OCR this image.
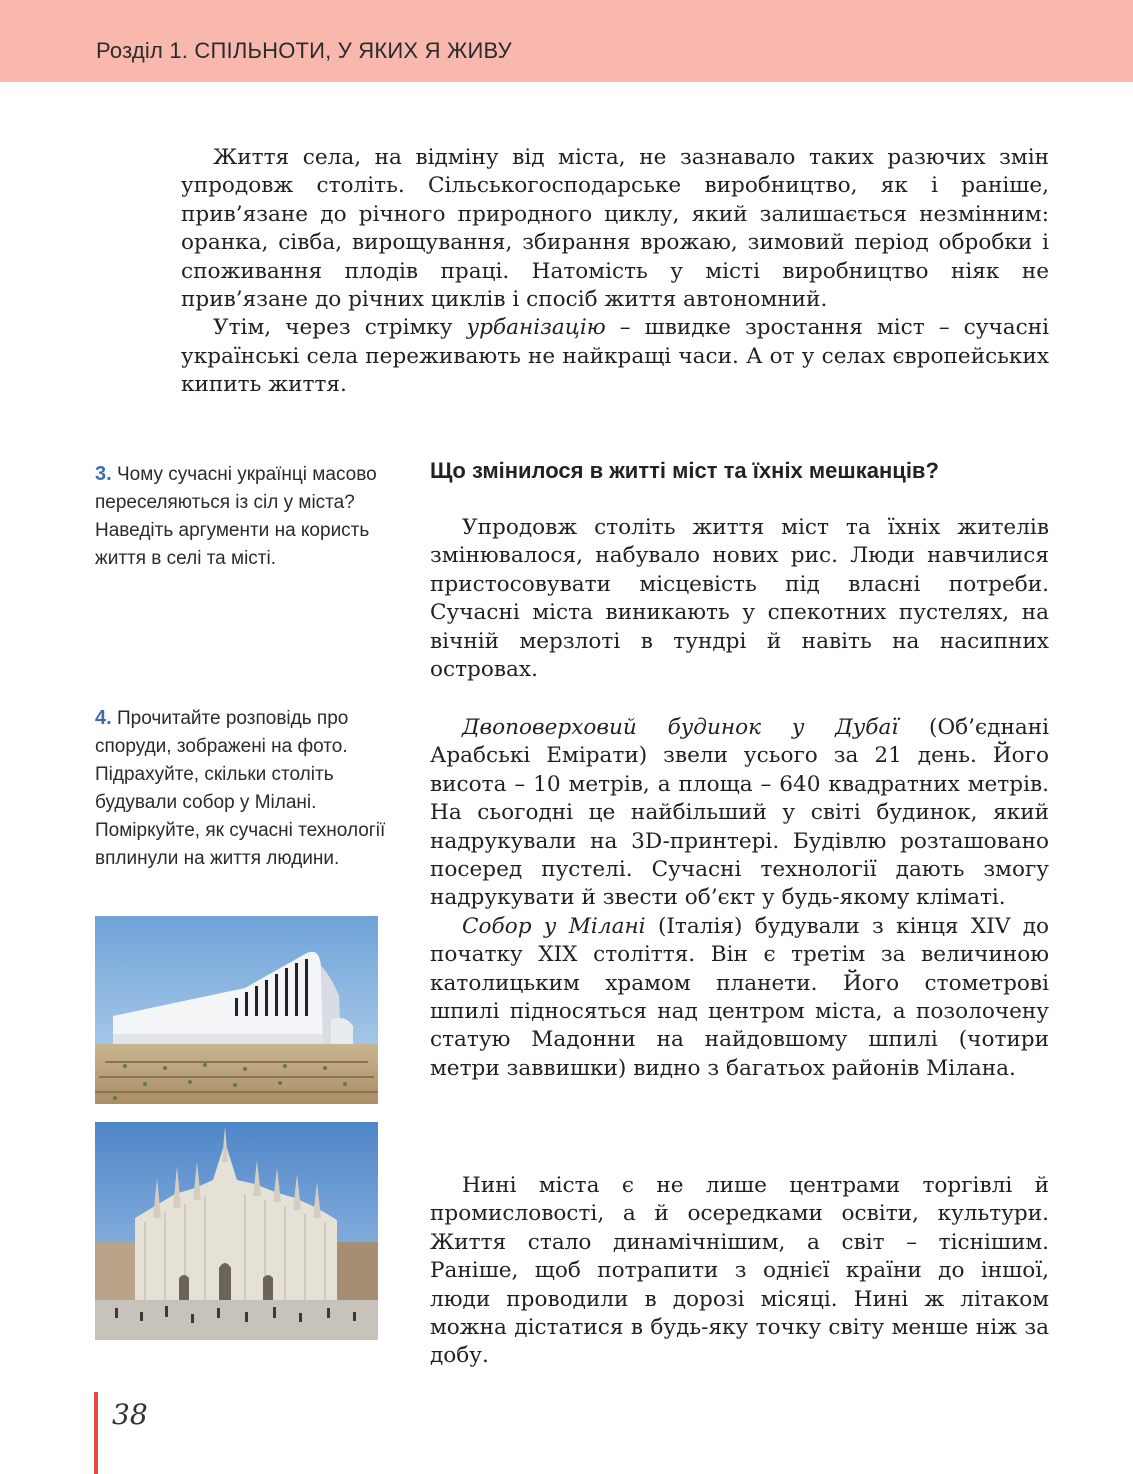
Розділ 1. СПІЛЬНОТИ, У ЯКИХ Я ЖИВУ

Життя села, на відміну від міста, не зазнавало таких разючих змін упродовж століть. Сільськогосподарське виробництво, як і раніше, прив’язане до річного природного циклу, який залишається незмінним: оранка, сівба, вирощування, збирання врожаю, зимовий період обробки і споживання плодів праці. Натомість у місті виробництво ніяк не прив’язане до річних циклів і спосіб життя автономний.

Утім, через стрімку урбанізацію – швидке зростання міст – сучасні українські села переживають не найкращі часи. А от у селах європейських кипить життя.

3. Чому сучасні українці масово переселяються із сіл у міста? Наведіть аргументи на користь життя в селі та місті.

4. Прочитайте розповідь про споруди, зображені на фото. Підрахуйте, скільки століть будували собор у Мілані. Поміркуйте, як сучасні технології вплинули на життя людини.

Що змінилося в житті міст та їхніх мешканців?

Упродовж століть життя міст та їхніх жителів змінювалося, набувало нових рис. Люди навчилися пристосовувати місцевість під власні потреби. Сучасні міста виникають у спекотних пустелях, на вічній мерзлоті в тундрі й навіть на насипних островах.

Двоповерховий будинок у Дубаї (Об’єднані Арабські Емірати) звели усього за 21 день. Його висота – 10 метрів, а площа – 640 квадратних метрів. На сьогодні це найбільший у світі будинок, який надрукували на 3D-принтері. Будівлю розташовано посеред пустелі. Сучасні технології дають змогу надрукувати й звести об’єкт у будь-якому кліматі.

Собор у Мілані (Італія) будували з кінця XIV до початку XIX століття. Він є третім за величиною католицьким храмом планети. Його стометрові шпилі підносяться над центром міста, а позолочену статую Мадонни на найдовшому шпилі (чотири метри заввишки) видно з багатьох районів Мілана.

Нині міста є не лише центрами торгівлі й промисловості, а й осередками освіти, культури. Життя стало динамічнішим, а світ – тіснішим. Раніше, щоб потрапити з однієї країни до іншої, люди проводили в дорозі місяці. Нині ж літаком можна дістатися в будь-яку точку світу менше ніж за добу.

38
